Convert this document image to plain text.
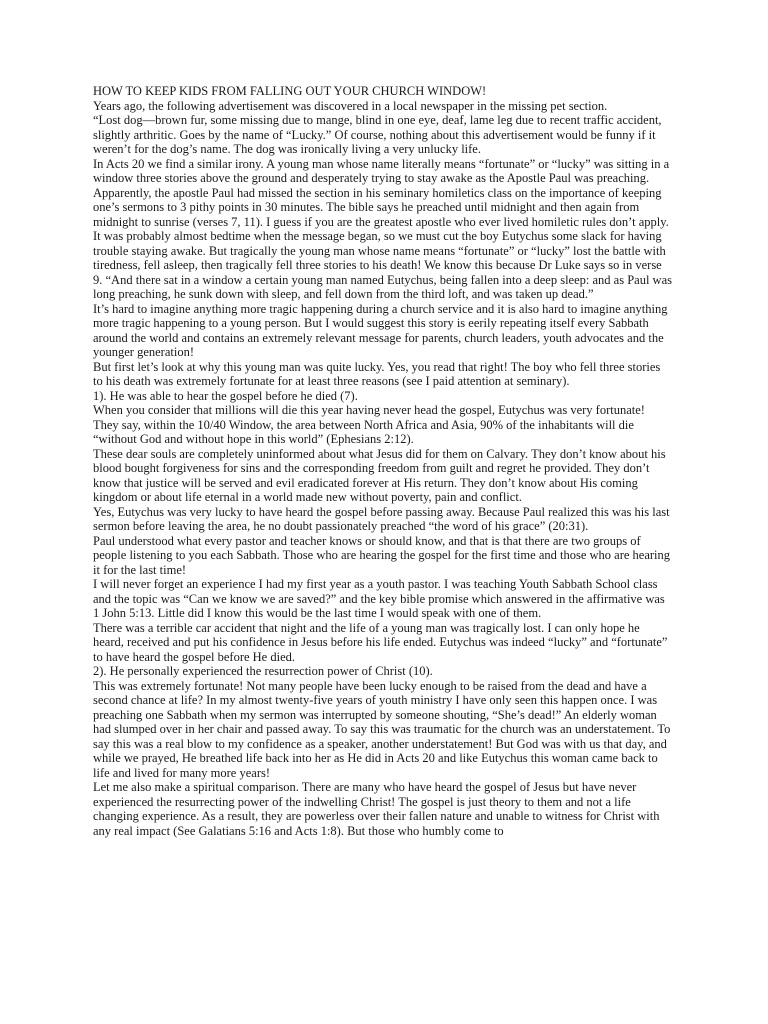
HOW TO KEEP KIDS FROM FALLING OUT YOUR CHURCH WINDOW!

Years ago, the following advertisement was discovered in a local newspaper in the missing pet section.

“Lost dog—brown fur, some missing due to mange, blind in one eye, deaf, lame leg due to recent traffic accident, slightly arthritic. Goes by the name of “Lucky.” Of course, nothing about this advertisement would be funny if it weren’t for the dog’s name. The dog was ironically living a very unlucky life.

In Acts 20 we find a similar irony. A young man whose name literally means “fortunate” or “lucky” was sitting in a window three stories above the ground and desperately trying to stay awake as the Apostle Paul was preaching. Apparently, the apostle Paul had missed the section in his seminary homiletics class on the importance of keeping one’s sermons to 3 pithy points in 30 minutes. The bible says he preached until midnight and then again from midnight to sunrise (verses 7, 11). I guess if you are the greatest apostle who ever lived homiletic rules don’t apply.

It was probably almost bedtime when the message began, so we must cut the boy Eutychus some slack for having trouble staying awake. But tragically the young man whose name means “fortunate” or “lucky” lost the battle with tiredness, fell asleep, then tragically fell three stories to his death! We know this because Dr Luke says so in verse 9. “And there sat in a window a certain young man named Eutychus, being fallen into a deep sleep: and as Paul was long preaching, he sunk down with sleep, and fell down from the third loft, and was taken up dead.”

It’s hard to imagine anything more tragic happening during a church service and it is also hard to imagine anything more tragic happening to a young person. But I would suggest this story is eerily repeating itself every Sabbath around the world and contains an extremely relevant message for parents, church leaders, youth advocates and the younger generation!

But first let’s look at why this young man was quite lucky. Yes, you read that right! The boy who fell three stories to his death was extremely fortunate for at least three reasons (see I paid attention at seminary).

1). He was able to hear the gospel before he died (7).

When you consider that millions will die this year having never head the gospel, Eutychus was very fortunate! They say, within the 10/40 Window, the area between North Africa and Asia, 90% of the inhabitants will die “without God and without hope in this world” (Ephesians 2:12).

These dear souls are completely uninformed about what Jesus did for them on Calvary. They don’t know about his blood bought forgiveness for sins and the corresponding freedom from guilt and regret he provided. They don’t know that justice will be served and evil eradicated forever at His return. They don’t know about His coming kingdom or about life eternal in a world made new without poverty, pain and conflict.

Yes, Eutychus was very lucky to have heard the gospel before passing away. Because Paul realized this was his last sermon before leaving the area, he no doubt passionately preached “the word of his grace” (20:31).

Paul understood what every pastor and teacher knows or should know, and that is that there are two groups of people listening to you each Sabbath. Those who are hearing the gospel for the first time and those who are hearing it for the last time!

I will never forget an experience I had my first year as a youth pastor. I was teaching Youth Sabbath School class and the topic was “Can we know we are saved?” and the key bible promise which answered in the affirmative was 1 John 5:13. Little did I know this would be the last time I would speak with one of them.

There was a terrible car accident that night and the life of a young man was tragically lost. I can only hope he heard, received and put his confidence in Jesus before his life ended. Eutychus was indeed “lucky” and “fortunate” to have heard the gospel before He died.

2). He personally experienced the resurrection power of Christ (10).

This was extremely fortunate! Not many people have been lucky enough to be raised from the dead and have a second chance at life? In my almost twenty-five years of youth ministry I have only seen this happen once. I was preaching one Sabbath when my sermon was interrupted by someone shouting, “She’s dead!” An elderly woman had slumped over in her chair and passed away. To say this was traumatic for the church was an understatement. To say this was a real blow to my confidence as a speaker, another understatement! But God was with us that day, and while we prayed, He breathed life back into her as He did in Acts 20 and like Eutychus this woman came back to life and lived for many more years!

Let me also make a spiritual comparison. There are many who have heard the gospel of Jesus but have never experienced the resurrecting power of the indwelling Christ! The gospel is just theory to them and not a life changing experience. As a result, they are powerless over their fallen nature and unable to witness for Christ with any real impact (See Galatians 5:16 and Acts 1:8). But those who humbly come to
